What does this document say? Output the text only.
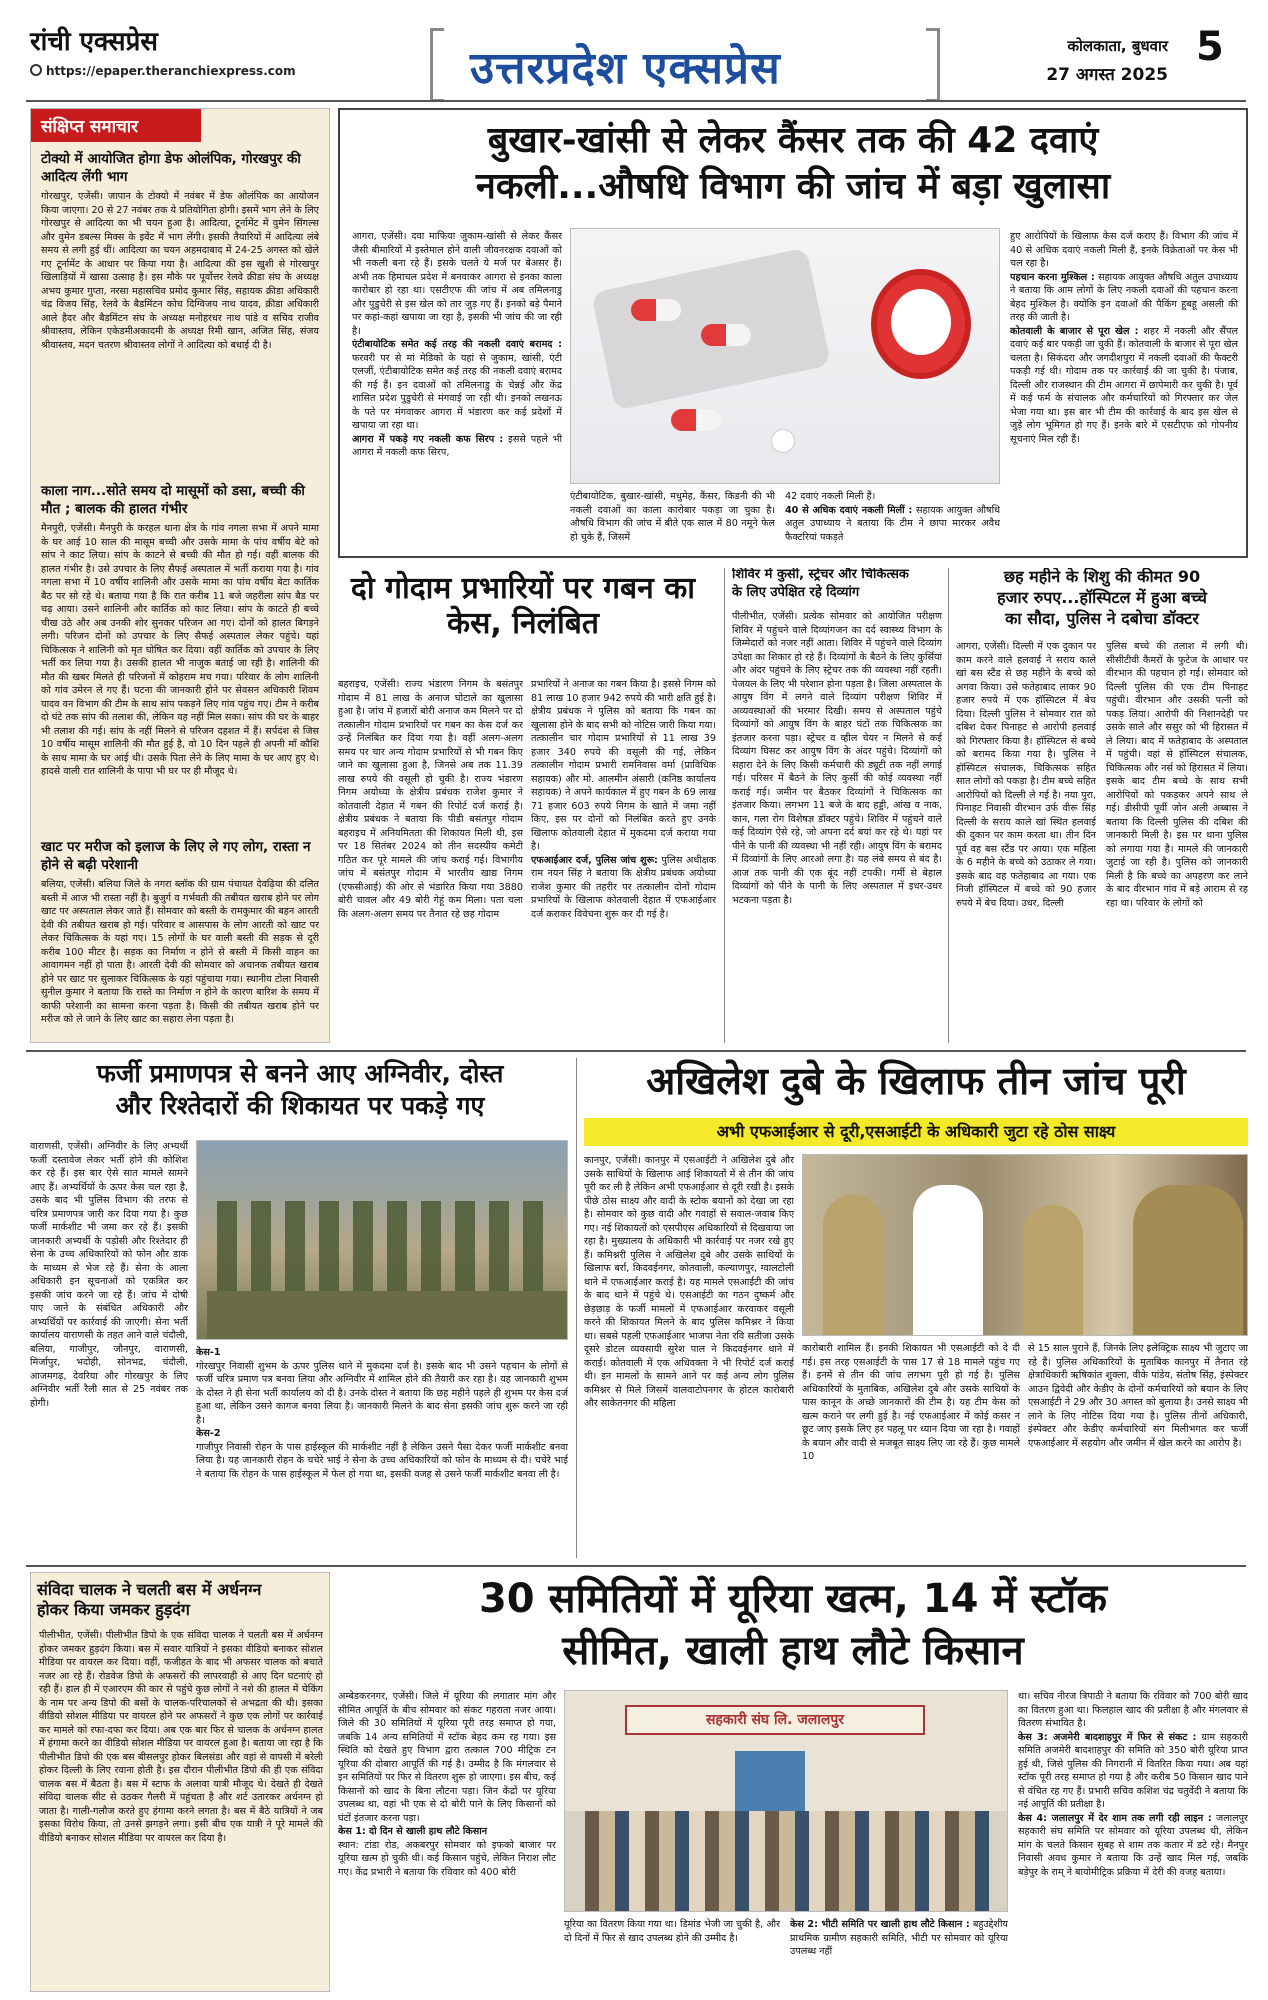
रांची एक्सप्रेस
https://epaper.theranchiexpress.com	उत्तरप्रदेश एक्सप्रेस	कोलकाता, बुधवार
27 अगस्त 2025
5
संक्षिप्त समाचार
टोक्यो में आयोजित होगा डेफ ओलंपिक, गोरखपुर की आदित्य लेंगी भाग
गोरखपुर, एजेंसी। जापान के टोक्यो में नवंबर में डेफ ओलंपिक का आयोजन किया जाएगा। 20 से 27 नवंबर तक ये प्रतियोगिता होगी। इसमें भाग लेने के लिए गोरखपुर से आदित्या का भी चयन हुआ है। आदित्या, टूर्नामेंट में वुमेन सिंगल्स और वुमेन डबल्स मिक्स के इवेंट में भाग लेंगी। इसकी तैयारियों में आदित्या लंबे समय से लगी हुई थीं। आदित्या का चयन अहमदाबाद में 24-25 अगस्त को खेले गए टूर्नामेंट के आधार पर किया गया है। आदित्या की इस खुशी से गोरखपुर खिलाड़ियों में खासा उत्साह है। इस मौके पर पूर्वोत्तर रेलवे क्रीडा संघ के अध्यक्ष अभय कुमार गुप्ता, नरसा महासचिव प्रमोद कुमार सिंह, सहायक क्रीडा अधिकारी चंद्र विजय सिंह, रेलवे के बैडमिंटन कोच दिग्विजय नाथ यादव, क्रीडा अधिकारी आले हैदर और बैडमिंटन संघ के अध्यक्ष मनोहरधर नाथ पांडे व सचिव राजीव श्रीवास्तव, लेकिन एकेडमीअकादमी के अध्यक्ष रिमी खान, अजित सिंह, संजय श्रीवास्तव, मदन चतरण श्रीवास्तव लोगों ने आदित्या को बधाई दी है।
काला नाग...सोते समय दो मासूमों को डसा, बच्ची की मौत ; बालक की हालत गंभीर
मैनपुरी, एजेंसी। मैनपुरी के करहल थाना क्षेत्र के गांव नगला सभा में अपने मामा के घर आई 10 साल की मासूम बच्ची और उसके मामा के पांच वर्षीय बेटे को सांप ने काट लिया। सांप के काटने से बच्ची की मौत हो गई। वहीं बालक की हालत गंभीर है। उसे उपचार के लिए सैफई अस्पताल में भर्ती कराया गया है। गांव नगला सभा में 10 वर्षीय शालिनी और उसके मामा का पांच वर्षीय बेटा कार्तिक बैठ पर सो रहे थे। बताया गया है कि रात करीब 11 बजे जहरीला सांप बैड पर चढ़ आया। उसने शालिनी और कार्तिक को काट लिया। सांप के काटते ही बच्चे चीख उठे और अब उनकी शोर सुनकर परिजन आ गए। दोनों को हालत बिगड़ने लगी। परिजन दोनों को उपचार के लिए सैफई अस्पताल लेकर पहुंचे। यहां चिकित्सक ने शालिनी को मृत घोषित कर दिया। वहीं कार्तिक को उपचार के लिए भर्ती कर लिया गया है। उसकी हालत भी नाजुक बताई जा रही है। शालिनी की मौत की खबर मिलते ही परिजनों में कोहराम मच गया। परिवार के लोग शालिनी को गांव उमेरन ले गए हैं। घटना की जानकारी होने पर सेवसन अधिकारी शिवम यादव वन विभाग की टीम के साथ सांप पकड़ने लिए गांव पहुंच गए। टीम ने करीब दो घंटे तक सांप की तलाश की, लेकिन वह नहीं मिल सका। सांप की घर के बाहर भी तलाश की गई। सांप के नहीं मिलने से परिजन दहशत में हैं। सर्पदंश से जिस 10 वर्षीय मासूम शालिनी की मौत हुई है, वो 10 दिन पहले ही अपनी माँ कौशि के साथ मामा के घर आई थी। उसके पिता लेने के लिए मामा के घर आए हुए थे। हादसे वाली रात शालिनी के पापा भी घर पर ही मौजूद थे।
खाट पर मरीज को इलाज के लिए ले गए लोग, रास्ता न होने से बढ़ी परेशानी
बलिया, एजेंसी। बलिया जिले के नगरा ब्लॉक की ग्राम पंचायत देवढ़िया की दलित बस्ती में आज भी रास्ता नहीं है। बुजुर्ग व गर्भवती की तबीयत खराब होने पर लोग खाट पर अस्पताल लेकर जाते हैं। सोमवार को बस्ती के रामकुमार की बहन आरती देवी की तबीयत खराब हो गई। परिवार व आसपास के लोग आरती को खाट पर लेकर चिकित्सक के यहां गए। 15 लोगों के घर वाली बस्ती की सड़क से दूरी करीब 100 मीटर है। सड़क का निर्माण न होने से बस्ती में किसी वाहन का आवागमन नहीं हो पाता है। आरती देवी की सोमवार को अचानक तबीयत खराब होने पर खाट पर सुलाकर चिकित्सक के यहां पहुंचाया गया। स्थानीय टोला निवासी सुनील कुमार ने बताया कि रास्ते का निर्माण न होने के कारण बारिश के समय में काफी परेशानी का सामना करना पड़ता है। किसी की तबीयत खराब होने पर मरीज को ले जाने के लिए खाट का सहारा लेना पड़ता है।
बुखार-खांसी से लेकर कैंसर तक की 42 दवाएं
नकली...औषधि विभाग की जांच में बड़ा खुलासा
आगरा, एजेंसी। दवा माफिया जुकाम-खांसी से लेकर कैंसर जैसी बीमारियों में इस्तेमाल होने वाली जीवनरक्षक दवाओं को भी नकली बना रहे हैं। इसके चलते ये मर्ज पर बेअसर हैं। अभी तक हिमाचल प्रदेश में बनवाकर आगरा से इनका काला कारोबार हो रहा था। एसटीएफ की जांच में अब तमिलनाडु और पुडुचेरी से इस खेल को तार जुड़ गए हैं। इनको बड़े पैमाने पर कहां-कहां खपाया जा रहा है, इसकी भी जांच की जा रही है।
एंटीबायोटिक समेत कई तरह की नकली दवाएं बरामद : फरवरी पर से मां मेडिको के यहां से जुकाम, खांसी, एंटी एलर्जी, एंटीबायोटिक समेत कई तरह की नकली दवाएं बरामद की गई हैं। इन दवाओं को तमिलनाडु के चेन्नई और केंद्र शासित प्रदेश पुडुचेरी से मंगवाई जा रही थी। इनको लखनऊ के पते पर मंगवाकर आगरा में भंडारण कर कई प्रदेशों में खपाया जा रहा था।
आगरा में पकड़े गए नकली कफ सिरप : इससे पहले भी आगरा में नकली कफ सिरप,
एंटीबायोटिक, बुखार-खांसी, मधुमेह, कैंसर, किडनी की भी नकली दवाओं का काला कारोबार पकड़ा जा चुका है। औषधि विभाग की जांच में बीते एक साल में 80 नमूने फेल हो चुके हैं, जिसमें
42 दवाएं नकली मिली हैं।
40 से अधिक दवाएं नकली मिलीं : सहायक आयुक्त औषधि अतुल उपाध्याय ने बताया कि टीम ने छापा मारकर अवैध फैक्टरियां पकड़ते
हुए आरोपियों के खिलाफ केस दर्ज कराए हैं। विभाग की जांच में 40 से अधिक दवाएं नकली मिली हैं, इनके विक्रेताओं पर केस भी चल रहा है।
पहचान करना मुश्किल : सहायक आयुक्त औषधि अतुल उपाध्याय ने बताया कि आम लोगों के लिए नकली दवाओं की पहचान करना बेहद मुश्किल है। क्योंकि इन दवाओं की पैकिंग हूबहू असली की तरह की जाती है।
कोतवाली के बाजार से पूरा खेल : शहर में नकली और सैंपल दवाएं कई बार पकड़ी जा चुकी हैं। कोतवाली के बाजार से पूरा खेल चलता है। सिकंदरा और जगदीशपुरा में नकली दवाओं की फैक्टरी पकड़ी गई थी। गोदाम तक पर कार्रवाई की जा चुकी है। पंजाब, दिल्ली और राजस्थान की टीम आगरा में छापेमारी कर चुकी है। पूर्व में कई फर्म के संचालक और कर्मचारियों को गिरफ्तार कर जेल भेजा गया था। इस बार भी टीम की कार्रवाई के बाद इस खेल से जुड़े लोग भूमिगत हो गए हैं। इनके बारे में एसटीएफ को गोपनीय सूचनाएं मिल रही हैं।
दो गोदाम प्रभारियों पर गबन का केस, निलंबित
बहराइच, एजेंसी। राज्य भंडारण निगम के बसंतपुर गोदाम में 81 लाख के अनाज घोटाले का खुलासा हुआ है। जांच में हजारों बोरी अनाज कम मिलने पर दो तत्कालीन गोदाम प्रभारियों पर गबन का केस दर्ज कर उन्हें निलंबित कर दिया गया है। वहीं अलग-अलग समय पर चार अन्य गोदाम प्रभारियों से भी गबन किए जाने का खुलासा हुआ है, जिनसे अब तक 11.39 लाख रुपये की वसूली हो चुकी है। राज्य भंडारण निगम अयोध्या के क्षेत्रीय प्रबंधक राजेश कुमार ने कोतवाली देहात में गबन की रिपोर्ट दर्ज कराई है। क्षेत्रीय प्रबंधक ने बताया कि पीडी बसंतपुर गोदाम बहराइच में अनियमितता की शिकायत मिली थी, इस पर 18 सितंबर 2024 को तीन सदस्यीय कमेटी गठित कर पूरे मामले की जांच कराई गई। विभागीय जांच में बसंतपुर गोदाम में भारतीय खाद्य निगम (एफसीआई) की ओर से भंडारित किया गया 3880 बोरी चावल और 49 बोरी गेहूं कम मिला। पता चला कि अलग-अलग समय पर तैनात रहे छह गोदाम
प्रभारियों ने अनाज का गबन किया है। इससे निगम को 81 लाख 10 हजार 942 रुपये की भारी क्षति हुई है। क्षेत्रीय प्रबंधक ने पुलिस को बताया कि गबन का खुलासा होने के बाद सभी को नोटिस जारी किया गया। तत्कालीन चार गोदाम प्रभारियों से 11 लाख 39 हजार 340 रुपये की वसूली की गई, लेकिन तत्कालीन गोदाम प्रभारी रामनिवास वर्मा (प्राविधिक सहायक) और मो. आलमीन अंसारी (कनिष्ठ कार्यालय सहायक) ने अपने कार्यकाल में हुए गबन के 69 लाख 71 हजार 603 रुपये निगम के खाते में जमा नहीं किए, इस पर दोनों को निलंबित करते हुए उनके खिलाफ कोतवाली देहात में मुकदमा दर्ज कराया गया है।
एफआईआर दर्ज, पुलिस जांच शुरू: पुलिस अधीक्षक राम नयन सिंह ने बताया कि क्षेत्रीय प्रबंधक अयोध्या राजेश कुमार की तहरीर पर तत्कालीन दोनों गोदाम प्रभारियों के खिलाफ कोतवाली देहात में एफआईआर दर्ज कराकर विवेचना शुरू कर दी गई है।
शिविर में कुर्सी, स्ट्रेचर और चिकित्सक
के लिए उपेक्षित रहे दिव्यांग
पीलीभीत, एजेंसी। प्रत्येक सोमवार को आयोजित परीक्षण शिविर में पहुंचने वाले दिव्यांगजन का दर्द स्वास्थ्य विभाग के जिम्मेदारों को नजर नहीं आता। शिविर में पहुंचने वाले दिव्यांग उपेक्षा का शिकार हो रहे हैं। दिव्यांगों के बैठने के लिए कुर्सियां और अंदर पहुंचने के लिए स्ट्रेचर तक की व्यवस्था नहीं रहती। पेजयल के लिए भी परेशान होना पड़ता है। जिला अस्पताल के आयुष विंग में लगने वाले दिव्यांग परीक्षण शिविर में अव्यवस्थाओं की भरमार दिखी। समय से अस्पताल पहुंचे दिव्यांगों को आयुष विंग के बाहर घंटों तक चिकित्सक का इंतजार करना पड़ा। स्ट्रेचर व व्हील चेयर न मिलने से कई दिव्यांग घिसट कर आयुष विंग के अंदर पहुंचे। दिव्यांगों को सहारा देने के लिए किसी कर्मचारी की ड्यूटी तक नहीं लगाई गई। परिसर में बैठने के लिए कुर्सी की कोई व्यवस्था नहीं कराई गई। जमीन पर बैठकर दिव्यांगों ने चिकित्सक का इंतजार किया। लगभग 11 बजे के बाद हड्डी, आंख व नाक, कान, गला रोग विशेषज्ञ डॉक्टर पहुंचे। शिविर में पहुंचने वाले कई दिव्यांग ऐसे रहे, जो अपना दर्द बयां कर रहे थे। यहां पर पीने के पानी की व्यवस्था भी नहीं रही। आयुष विंग के बरामद में दिव्यांगों के लिए आरओ लगा है। यह लंबे समय से बंद है। आज तक पानी की एक बूंद नहीं टपकी। गर्मी से बेहाल दिव्यांगों को पीने के पानी के लिए अस्पताल में इधर-उधर भटकना पड़ता है।
छह महीने के शिशु की कीमत 90
हजार रुपए...हॉस्पिटल में हुआ बच्चे
का सौदा, पुलिस ने दबोचा डॉक्टर
आगरा, एजेंसी। दिल्ली में एक दुकान पर काम करने वाले हलवाई ने सराय काले खां बस स्टैंड से छह महीने के बच्चे को अगवा किया। उसे फतेहाबाद लाकर 90 हजार रुपये में एक हॉस्पिटल में बेच दिया। दिल्ली पुलिस ने सोमवार रात को दबिश देकर पिनाहट से आरोपी हलवाई को गिरफ्तार किया है। हॉस्पिटल से बच्चे को बरामद किया गया है। पुलिस ने हॉस्पिटल संचालक, चिकित्सक सहित सात लोगों को पकड़ा है। टीम बच्चे सहित आरोपियों को दिल्ली ले गई है। नया पुरा, पिनाहट निवासी वीरभान उर्फ वीरू सिंह दिल्ली के सराय काले खां स्थित हलवाई की दुकान पर काम करता था। तीन दिन पूर्व वह बस स्टैंड पर आया। एक महिला के 6 महीने के बच्चे को उठाकर ले गया। इसके बाद वह फतेहाबाद आ गया। एक निजी हॉस्पिटल में बच्चे को 90 हजार रुपये में बेच दिया। उधर, दिल्ली
पुलिस बच्चे की तलाश में लगी थी। सीसीटीवी कैमरों के फुटेज के आधार पर वीरभान की पहचान हो गई। सोमवार को दिल्ली पुलिस की एक टीम पिनाहट पहुंची। वीरभान और उसकी पत्नी को पकड़ लिया। आरोपी की निशानदेही पर उसके साले और ससुर को भी हिरासत में ले लिया। बाद में फतेहाबाद के अस्पताल में पहुंची। वहां से हॉस्पिटल संचालक, चिकित्सक और नर्स को हिरासत में लिया। इसके बाद टीम बच्चे के साथ सभी आरोपियों को पकड़कर अपने साथ ले गई। डीसीपी पूर्वी जोन अली अब्बास ने बताया कि दिल्ली पुलिस की दबिश की जानकारी मिली है। इस पर थाना पुलिस को लगाया गया है। मामले की जानकारी जुटाई जा रही है। पुलिस को जानकारी मिली है कि बच्चे का अपहरण कर लाने के बाद वीरभान गांव में बड़े आराम से रह रहा था। परिवार के लोगों को
फर्जी प्रमाणपत्र से बनने आए अग्निवीर, दोस्त
और रिश्तेदारों की शिकायत पर पकड़े गए
वाराणसी, एजेंसी। अग्निवीर के लिए अभ्यर्थी फर्जी दस्तावेज लेकर भर्ती होने की कोशिश कर रहे हैं। इस बार ऐसे सात मामले सामने आए हैं। अभ्यर्थियों के ऊपर केस चल रहा है, उसके बाद भी पुलिस विभाग की तरफ से चरित्र प्रमाणपत्र जारी कर दिया गया है। कुछ फर्जी मार्कशीट भी जमा कर रहे हैं। इसकी जानकारी अभ्यर्थी के पड़ोसी और रिश्तेदार ही सेना के उच्च अधिकारियों को फोन और डाक के माध्यम से भेज रहे हैं। सेना के आला अधिकारी इन सूचनाओं को एकत्रित कर इसकी जांच करने जा रहे हैं। जांच में दोषी पाए जाने के संबंधित अधिकारी और अभ्यर्थियों पर कार्रवाई की जाएगी। सेना भर्ती कार्यालय वाराणसी के तहत आने वाले चंदौली, बलिया, गाजीपुर, जौनपुर, वाराणसी, मिर्जापुर, भदोही, सोनभद्र, चंदौली, आजमगढ़, देवरिया और गोरखपुर के लिए अग्निवीर भर्ती रैली सात से 25 नवंबर तक होगी।
केस-1
गोरखपुर निवासी शुभम के ऊपर पुलिस थाने में मुकदमा दर्ज है। इसके बाद भी उसने पहचान के लोगों से फर्जी चरित्र प्रमाण पत्र बनवा लिया और अग्निवीर में शामिल होने की तैयारी कर रहा है। यह जानकारी शुभम के दोस्त ने ही सेना भर्ती कार्यालय को दी है। उनके दोस्त ने बताया कि छह महीने पहले ही शुभम पर केस दर्ज हुआ था, लेकिन उसने कागज बनवा लिया है। जानकारी मिलने के बाद सेना इसकी जांच शुरू करने जा रही है।
केस-2
गाजीपुर निवासी रोहन के पास हाईस्कूल की मार्कशीट नहीं है लेकिन उसने पैसा देकर फर्जी मार्कशीट बनवा लिया है। यह जानकारी रोहन के चचेरे भाई ने सेना के उच्च अधिकारियों को फोन के माध्यम से दी। चचेरे भाई ने बताया कि रोहन के पास हाईस्कूल में फेल हो गया था, इसकी वजह से उसने फर्जी मार्कशीट बनवा ली है।
अखिलेश दुबे के खिलाफ तीन जांच पूरी
अभी एफआईआर से दूरी,एसआईटी के अधिकारी जुटा रहे ठोस साक्ष्य
कानपुर, एजेंसी। कानपुर में एसआईटी ने अखिलेश दुबे और उसके साथियों के खिलाफ आई शिकायतों में से तीन की जांच पूरी कर ली है लेकिन अभी एफआईआर से दूरी रखी है। इसके पीछे ठोस साक्ष्य और वादी के स्टोक बयानों को देखा जा रहा है। सोमवार को कुछ वादी और गवाहों से सवाल-जवाब किए गए। नई शिकायतों को एसपीएस अधिकारियों से दिखवाया जा रहा है। मुख्यालय के अधिकारी भी कार्रवाई पर नजर रखे हुए हैं। कमिश्नरी पुलिस ने अखिलेश दुबे और उसके साथियों के खिलाफ बर्रा, किदवईनगर, कोतवाली, कल्याणपुर, ग्वालटोली थाने में एफआईआर कराई है। यह मामले एसआईटी की जांच के बाद थाने में पहुंचे थे। एसआईटी का गठन दुष्कर्म और छेड़छाड़ के फर्जी मामलों में एफआईआर करवाकर वसूली करने की शिकायत मिलने के बाद पुलिस कमिश्नर ने किया था। सबसे पहली एफआईआर भाजपा नेता रवि सतीजा उसके दूसरे डोटल व्यवसायी सुरेश पाल ने किदवईनगर थाने में कराई। कोतवाली में एक अधिवक्ता ने भी रिपोर्ट दर्ज कराई थी। इन मामलों के सामने आने पर कई अन्य लोग पुलिस कमिश्नर से मिले जिसमें वालवाटोपनगर के होटल कारोबारी और साकेतनगर की महिला
कारोबारी शामिल हैं। इनकी शिकायत भी एसआईटी को दे दी गई। इस तरह एसआईटी के पास 17 से 18 मामले पहुंच गए हैं। इनमें से तीन की जांच लगभग पूरी हो गई है। पुलिस अधिकारियों के मुताबिक, अखिलेश दुबे और उसके साथियों के पास कानून के अच्छे जानकारों की टीम है। यह टीम केस को खत्म कराने पर लगी हुई है। नई एफआईआर में कोई कसर न छूट जाए इसके लिए हर पहलू पर ध्यान दिया जा रहा है। गवाहों के बयान और वादी से मजबूत साक्ष्य लिए जा रहे हैं। कुछ मामले 10
से 15 साल पुराने हैं, जिनके लिए इलेक्ट्रिक साक्ष्य भी जुटाए जा रहे हैं। पुलिस अधिकारियों के मुताबिक कानपुर में तैनात रहे क्षेत्राधिकारी ऋषिकांत शुक्ला, वीके पांडेय, संतोष सिंह, इंस्पेक्टर आउन द्विवेदी और केडीए के दोनों कर्मचारियों को बयान के लिए एसआईटी ने 29 और 30 अगस्त को बुलाया है। उनसे साक्ष्य भी लाने के लिए नोटिस दिया गया है। पुलिस तीनों अधिकारी, इंस्पेक्टर और केडीए कर्मचारियों संग मिलीभगत कर फर्जी एफआईआर में सहयोग और जमीन में खेल करने का आरोप है।
संविदा चालक ने चलती बस में अर्धनग्न
होकर किया जमकर हुड़दंग
पीलीभीत, एजेंसी। पीलीभीत डिपो के एक संविदा चालक ने चलती बस में अर्धनग्न होकर जमकर हुड़दंग किया। बस में सवार यात्रियों ने इसका वीडियो बनाकर सोशल मीडिया पर वायरल कर दिया। वहीं, फजीहत के बाद भी अफसर चालक को बचाते नजर आ रहे हैं। रोडवेज डिपो के अफसरों की लापरवाही से आए दिन घटनाएं हो रही हैं। हाल ही में एआरएम की कार से पहुंचे कुछ लोगों ने नशे की हालत में चेकिंग के नाम पर अन्य डिपो की बसों के चालक-परिचालकों से अभद्रता की थी। इसका वीडियो सोशल मीडिया पर वायरल होने पर अफसरों ने कुछ एक लोगों पर कार्रवाई कर मामले को रफा-दफा कर दिया। अब एक बार फिर से चालक के अर्धनग्न हालत में हंगामा करने का वीडियो सोशल मीडिया पर वायरल हुआ है। बताया जा रहा है कि पीलीभीत डिपो की एक बस बीसलपुर होकर बिलसंडा और वहां से वापसी में बरेली होकर दिल्ली के लिए रवाना होती है। इस दौरान पीलीभीत डिपो की ही एक संविदा चालक बस में बैठता है। बस में स्टाफ के अलावा यात्री मौजूद थे। देखते ही देखते संविदा चालक सीट से उठकर गैलरी में पहुंचता है और शर्ट उतारकर अर्धनग्न हो जाता है। गाली-गलौज करते हुए हंगामा करने लगता है। बस में बैठे यात्रियों ने जब इसका विरोध किया, तो उनसे झगड़ने लगा। इसी बीच एक यात्री ने पूरे मामले की वीडियो बनाकर सोशल मीडिया पर वायरल कर दिया है।
30 समितियों में यूरिया खत्म, 14 में स्टॉक
सीमित, खाली हाथ लौटे किसान
अम्बेडकरनगर, एजेंसी। जिले में यूरिया की लगातार मांग और सीमित आपूर्ति के बीच सोमवार को संकट गहराता नजर आया। जिले की 30 समितियों में यूरिया पूरी तरह समाप्त हो गया, जबकि 14 अन्य समितियों में स्टॉक बेहद कम रह गया। इस स्थिति को देखते हुए विभाग द्वारा तत्काल 700 मीट्रिक टन यूरिया की दोबारा आपूर्ति की गई है। उम्मीद है कि मंगलवार से इन समितियों पर फिर से वितरण शुरू हो जाएगा। इस बीच, कई किसानों को खाद के बिना लौटना पड़ा। जिन केंद्रों पर यूरिया उपलब्ध था, वहां भी एक से दो बोरी पाने के लिए किसानों को घंटों इंतजार करना पड़ा।
केस 1: दो दिन से खाली हाथ लौटे किसान
स्थान: टांडा रोड, अकबरपुर सोमवार को इफको बाजार पर यूरिया खत्म हो चुकी थी। कई किसान पहुंचे, लेकिन निराश लौट गए। केंद्र प्रभारी ने बताया कि रविवार को 400 बोरी
सहकारी संघ लि. जलालपुर
यूरिया का वितरण किया गया था। डिमांड भेजी जा चुकी है, और दो दिनों में फिर से खाद उपलब्ध होने की उम्मीद है।
केस 2: भीटी समिति पर खाली हाथ लौटे किसान : बहुउद्देशीय प्राथमिक ग्रामीण सहकारी समिति, भीटी पर सोमवार को यूरिया उपलब्ध नहीं
था। सचिव नीरज त्रिपाठी ने बताया कि रविवार को 700 बोरी खाद का वितरण हुआ था। फिलहाल खाद की प्रतीक्षा है और मंगलवार से वितरण संभावित है।
केस 3: अजमेरी बादशाहपुर में फिर से संकट : ग्राम सहकारी समिति अजमेरी बादशाहपुर की समिति को 350 बोरी यूरिया प्राप्त हुई थी, जिसे पुलिस की निगरानी में वितरित किया गया। अब यहां स्टॉक पूरी तरह समाप्त हो गया है और करीब 50 किसान खाद पाने से वंचित रह गए हैं। प्रभारी सचिव कशिश चंद्र चतुर्वेदी ने बताया कि नई आपूर्ति की प्रतीक्षा है।
केस 4: जलालपुर में देर शाम तक लगी रही लाइन : जलालपुर सहकारी संघ समिति पर सोमवार को यूरिया उपलब्ध थी, लेकिन मांग के चलते किसान सुबह से शाम तक कतार में डटे रहे। मैनपुर निवासी अवध कुमार ने बताया कि उन्हें खाद मिल गई, जबकि बड़ेपुर के राम् ने बायोमीट्रिक प्रक्रिया में देरी की वजह बताया।
